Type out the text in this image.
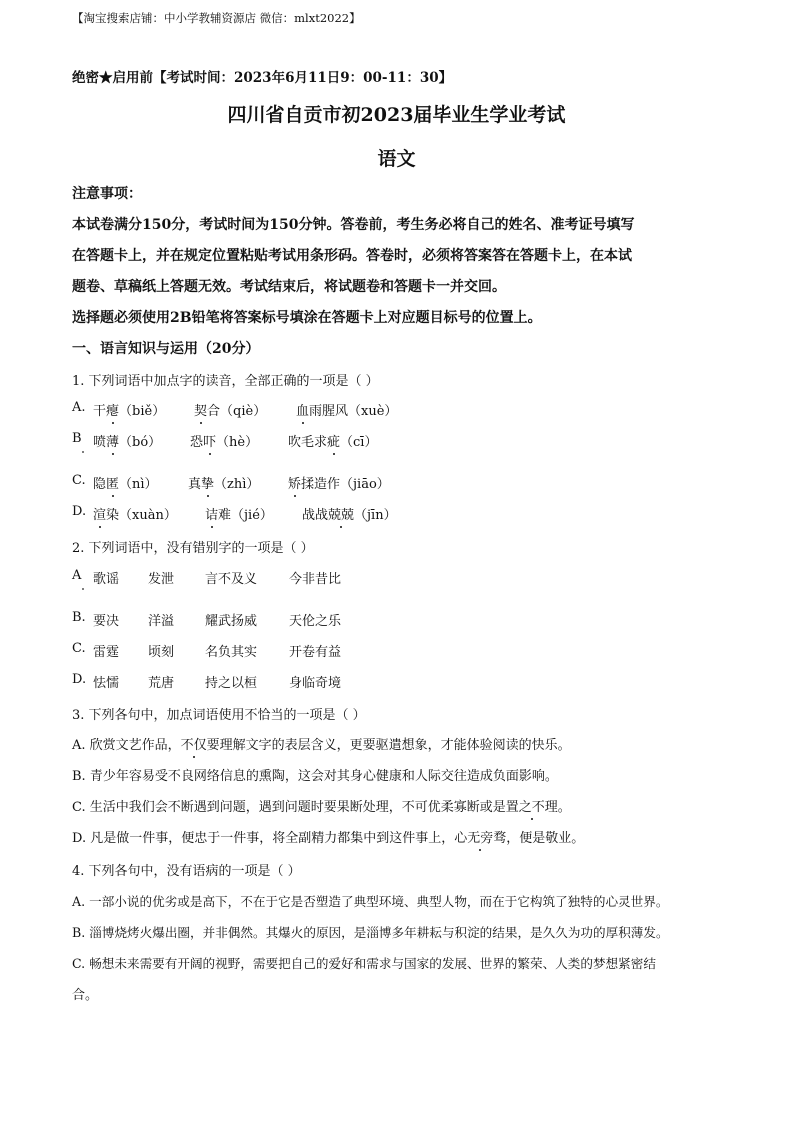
【淘宝搜索店铺：中小学教辅资源店 微信：mlxt2022】
绝密★启用前【考试时间：2023年6月11日9：00-11：30】
四川省自贡市初2023届毕业生学业考试
语文
注意事项：
本试卷满分150分，考试时间为150分钟。答卷前，考生务必将自己的姓名、准考证号填写
在答题卡上，并在规定位置粘贴考试用条形码。答卷时，必须将答案答在答题卡上，在本试
题卷、草稿纸上答题无效。考试结束后，将试题卷和答题卡一并交回。
选择题必须使用2B铅笔将答案标号填涂在答题卡上对应题目标号的位置上。
一、语言知识与运用（20分）
1. 下列词语中加点字的读音，全部正确的一项是（ ）
A. 干瘪（biě） 契合（qiè） 血雨腥风（xuè）
B 喷薄（bó） 恐吓（hè） 吹毛求疵（cī）
C. 隐匿（nì） 真挚（zhì） 矫揉造作（jiāo）
D. 渲染（xuàn） 诘难（jié） 战战兢兢（jīn）
2. 下列词语中，没有错别字的一项是（ ）
A 歌谣 发泄 言不及义 今非昔比
B. 要决 洋溢 耀武扬威 天伦之乐
C. 雷霆 顷刻 名负其实 开卷有益
D. 怯懦 荒唐 持之以桓 身临奇境
3. 下列各句中，加点词语使用不恰当的一项是（ ）
A. 欣赏文艺作品，不仅要理解文字的表层含义，更要驱遣想象，才能体验阅读的快乐。
B. 青少年容易受不良网络信息的熏陶，这会对其身心健康和人际交往造成负面影响。
C. 生活中我们会不断遇到问题，遇到问题时要果断处理，不可优柔寡断或是置之不理。
D. 凡是做一件事，便忠于一件事，将全副精力都集中到这件事上，心无旁骛，便是敬业。
4. 下列各句中，没有语病的一项是（ ）
A. 一部小说的优劣或是高下，不在于它是否塑造了典型环境、典型人物，而在于它构筑了独特的心灵世界。
B. 淄博烧烤火爆出圈，并非偶然。其爆火的原因，是淄博多年耕耘与积淀的结果，是久久为功的厚积薄发。
C. 畅想未来需要有开阔的视野，需要把自己的爱好和需求与国家的发展、世界的繁荣、人类的梦想紧密结
合。
